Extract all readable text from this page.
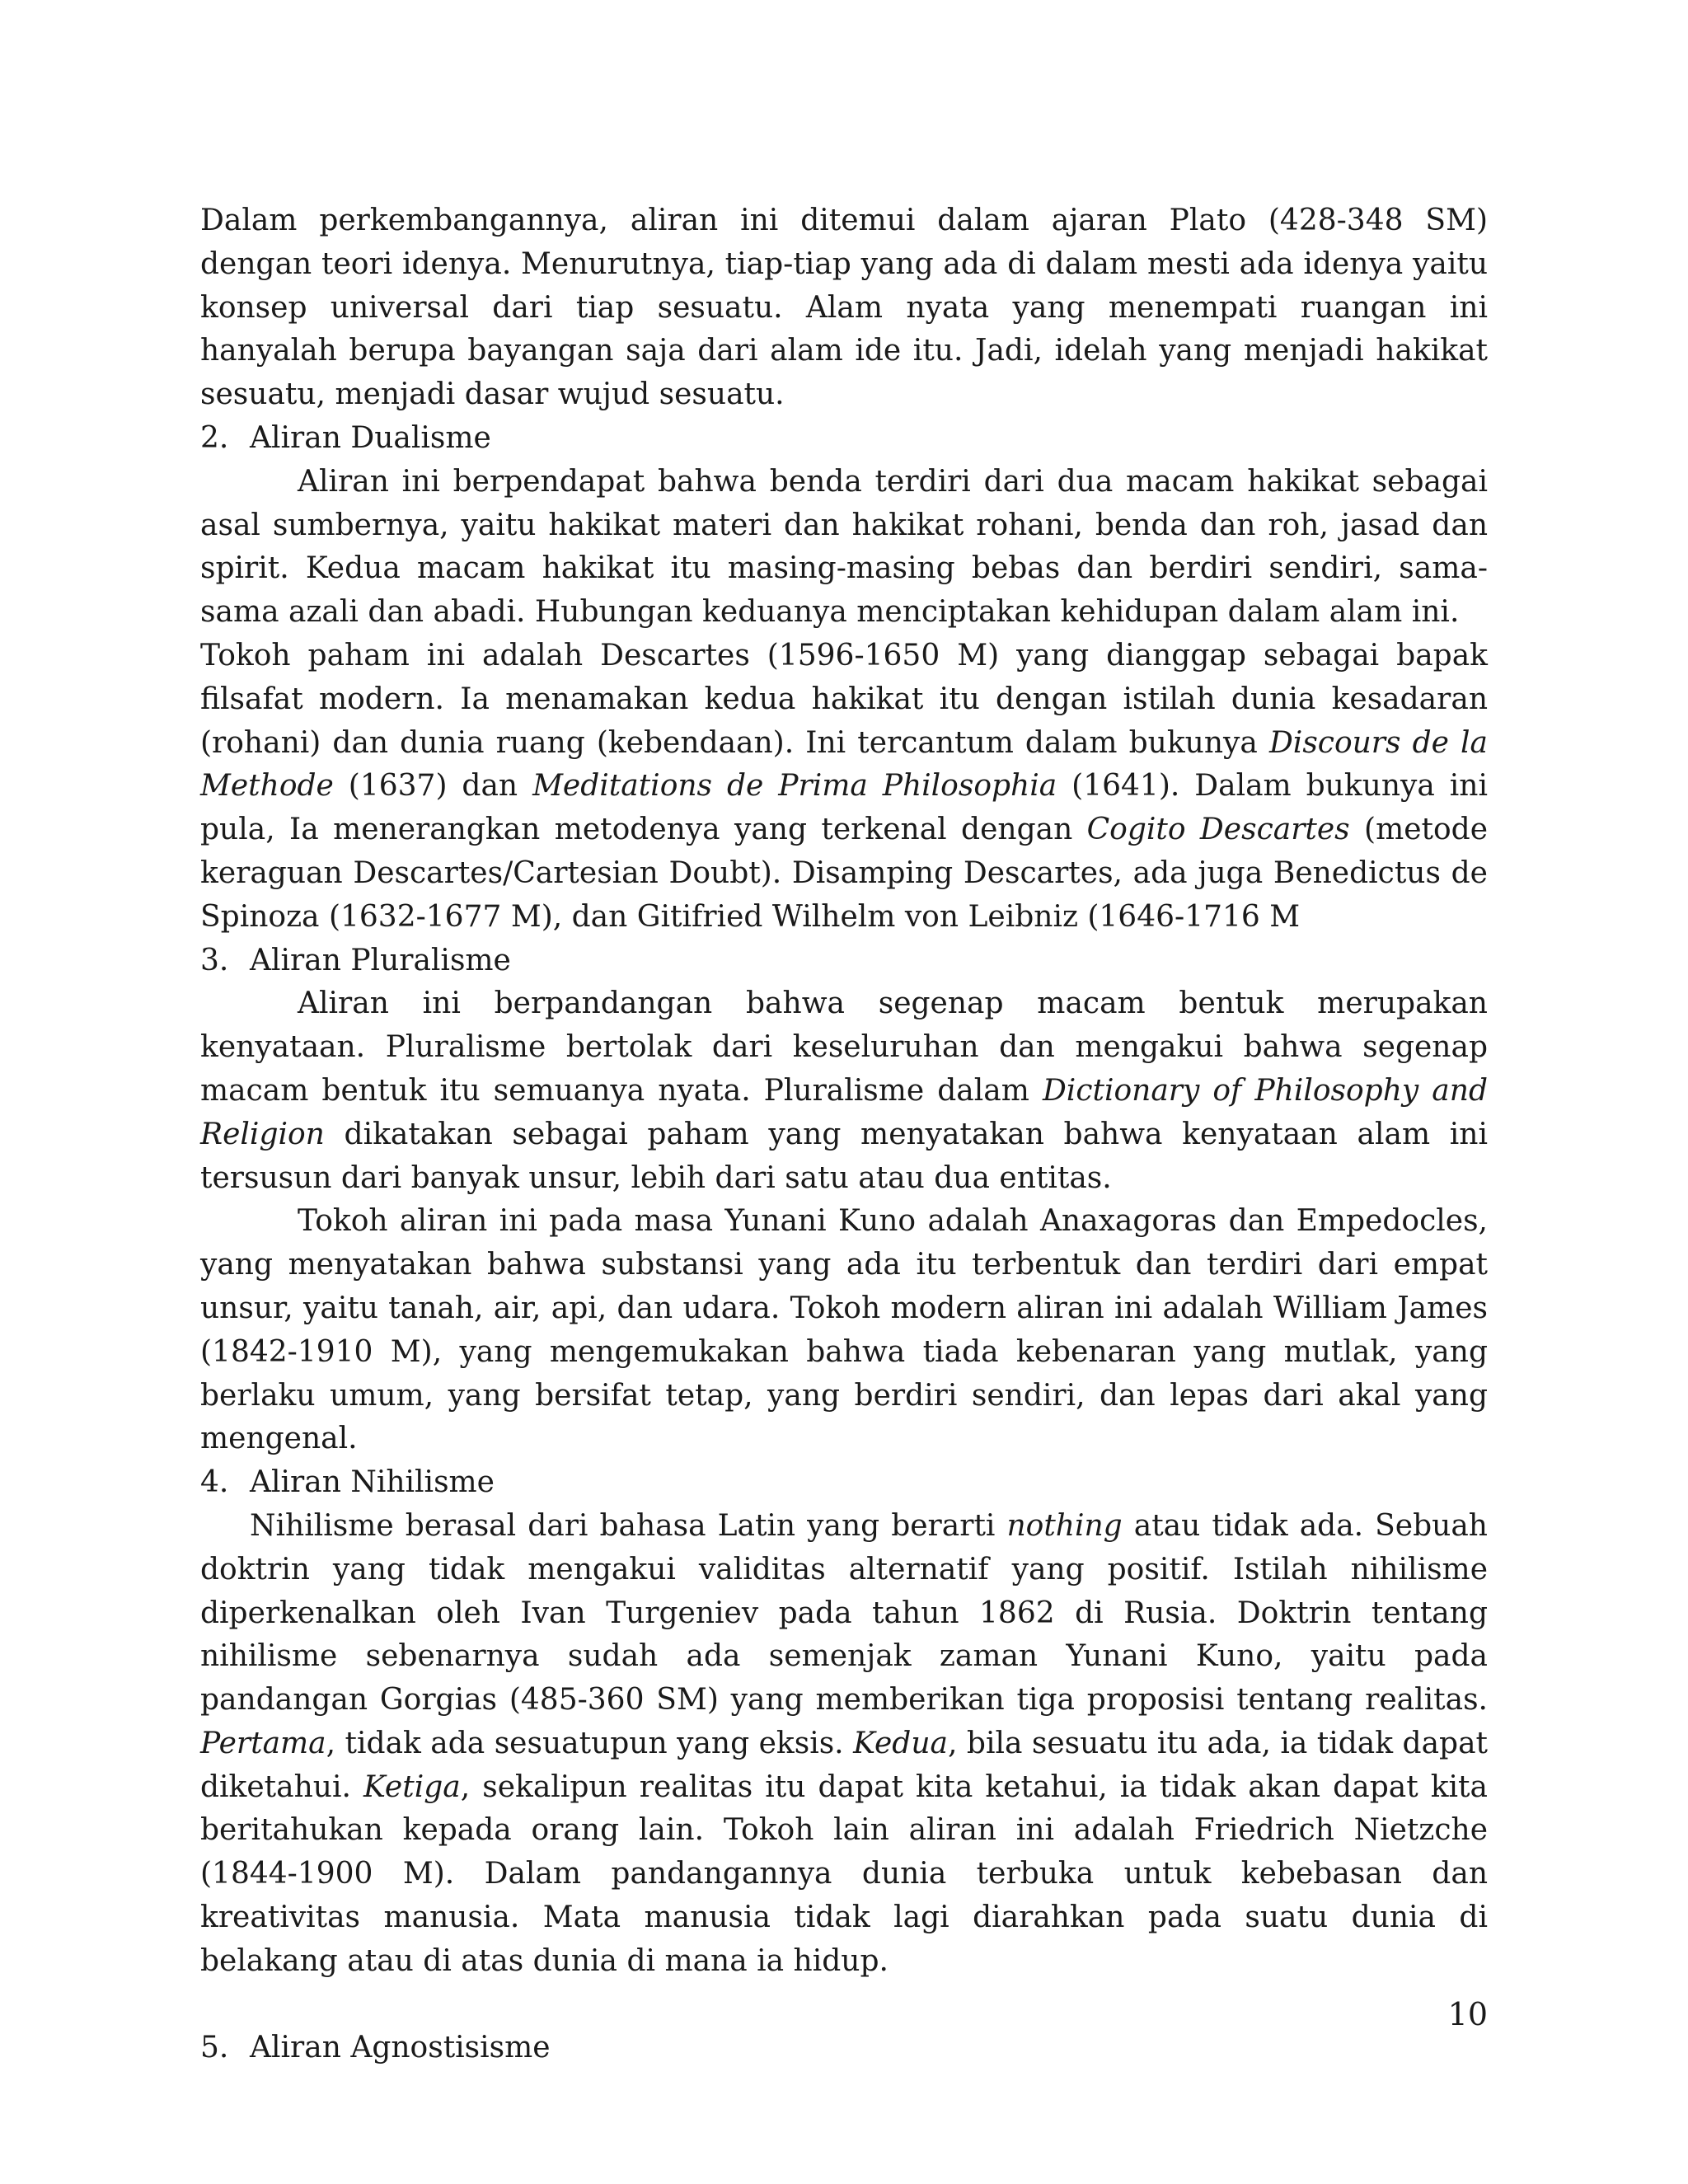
Dalam perkembangannya, aliran ini ditemui dalam ajaran Plato (428-348 SM) dengan teori idenya. Menurutnya, tiap-tiap yang ada di dalam mesti ada idenya yaitu konsep universal dari tiap sesuatu. Alam nyata yang menempati ruangan ini hanyalah berupa bayangan saja dari alam ide itu. Jadi, idelah yang menjadi hakikat sesuatu, menjadi dasar wujud sesuatu.

2. Aliran Dualisme

Aliran ini berpendapat bahwa benda terdiri dari dua macam hakikat sebagai asal sumbernya, yaitu hakikat materi dan hakikat rohani, benda dan roh, jasad dan spirit. Kedua macam hakikat itu masing-masing bebas dan berdiri sendiri, sama-sama azali dan abadi. Hubungan keduanya menciptakan kehidupan dalam alam ini.

Tokoh paham ini adalah Descartes (1596-1650 M) yang dianggap sebagai bapak filsafat modern. Ia menamakan kedua hakikat itu dengan istilah dunia kesadaran (rohani) dan dunia ruang (kebendaan). Ini tercantum dalam bukunya Discours de la Methode (1637) dan Meditations de Prima Philosophia (1641). Dalam bukunya ini pula, Ia menerangkan metodenya yang terkenal dengan Cogito Descartes (metode keraguan Descartes/Cartesian Doubt). Disamping Descartes, ada juga Benedictus de Spinoza (1632-1677 M), dan Gitifried Wilhelm von Leibniz (1646-1716 M

3. Aliran Pluralisme

Aliran ini berpandangan bahwa segenap macam bentuk merupakan kenyataan. Pluralisme bertolak dari keseluruhan dan mengakui bahwa segenap macam bentuk itu semuanya nyata. Pluralisme dalam Dictionary of Philosophy and Religion dikatakan sebagai paham yang menyatakan bahwa kenyataan alam ini tersusun dari banyak unsur, lebih dari satu atau dua entitas.

Tokoh aliran ini pada masa Yunani Kuno adalah Anaxagoras dan Empedocles, yang menyatakan bahwa substansi yang ada itu terbentuk dan terdiri dari empat unsur, yaitu tanah, air, api, dan udara. Tokoh modern aliran ini adalah William James (1842-1910 M), yang mengemukakan bahwa tiada kebenaran yang mutlak, yang berlaku umum, yang bersifat tetap, yang berdiri sendiri, dan lepas dari akal yang mengenal.

4. Aliran Nihilisme

Nihilisme berasal dari bahasa Latin yang berarti nothing atau tidak ada. Sebuah doktrin yang tidak mengakui validitas alternatif yang positif. Istilah nihilisme diperkenalkan oleh Ivan Turgeniev pada tahun 1862 di Rusia. Doktrin tentang nihilisme sebenarnya sudah ada semenjak zaman Yunani Kuno, yaitu pada pandangan Gorgias (485-360 SM) yang memberikan tiga proposisi tentang realitas. Pertama, tidak ada sesuatupun yang eksis. Kedua, bila sesuatu itu ada, ia tidak dapat diketahui. Ketiga, sekalipun realitas itu dapat kita ketahui, ia tidak akan dapat kita beritahukan kepada orang lain. Tokoh lain aliran ini adalah Friedrich Nietzche (1844-1900 M). Dalam pandangannya dunia terbuka untuk kebebasan dan kreativitas manusia. Mata manusia tidak lagi diarahkan pada suatu dunia di belakang atau di atas dunia di mana ia hidup.

5. Aliran Agnostisisme
10
